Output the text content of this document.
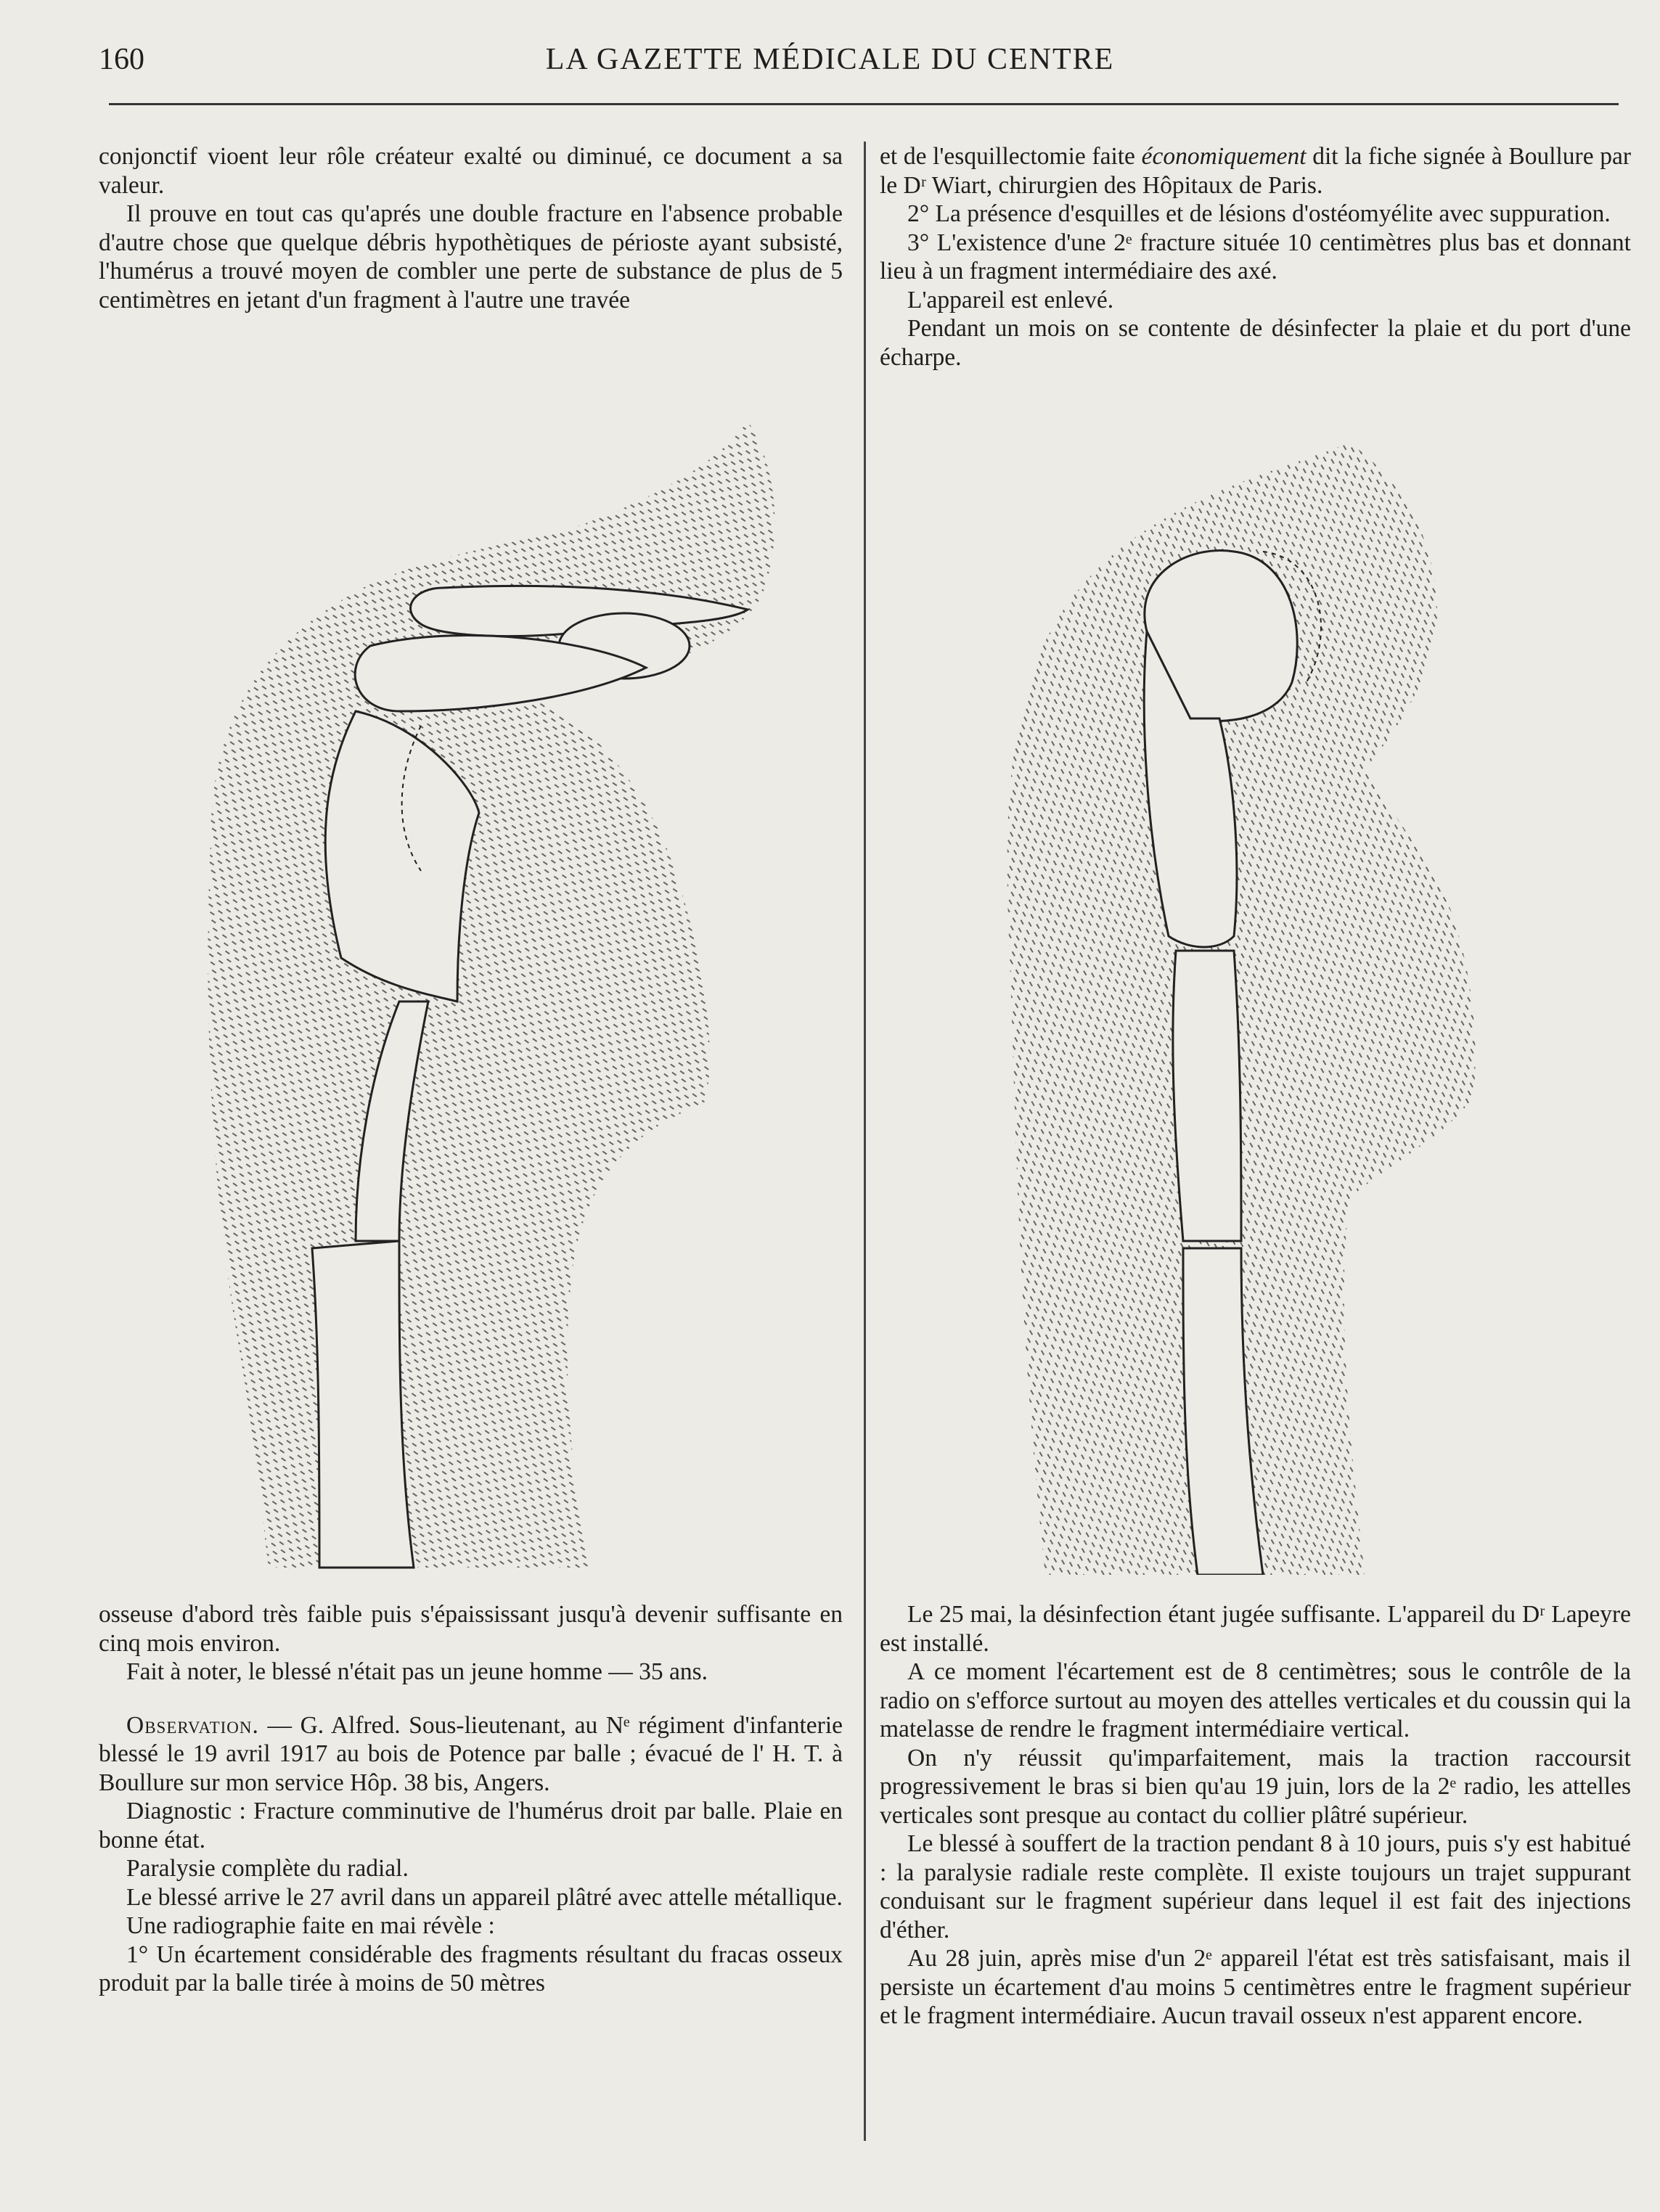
160	LA GAZETTE MÉDICALE DU CENTRE

conjonctif vioent leur rôle créateur exalté ou diminué, ce document a sa valeur.

Il prouve en tout cas qu'aprés une double fracture en l'absence probable d'autre chose que quelque débris hypothètiques de périoste ayant subsisté, l'humérus a trouvé moyen de combler une perte de substance de plus de 5 centimètres en jetant d'un fragment à l'autre une travée

et de l'esquillectomie faite économiquement dit la fiche signée à Boullure par le Dʳ Wiart, chirurgien des Hôpitaux de Paris.

2° La présence d'esquilles et de lésions d'ostéomyélite avec suppuration.

3° L'existence d'une 2ᵉ fracture située 10 centimètres plus bas et donnant lieu à un fragment intermédiaire des axé.

L'appareil est enlevé.

Pendant un mois on se contente de désinfecter la plaie et du port d'une écharpe.

osseuse d'abord très faible puis s'épaississant jusqu'à devenir suffisante en cinq mois environ.

Fait à noter, le blessé n'était pas un jeune homme — 35 ans.

Observation. — G. Alfred. Sous-lieutenant, au Nᵉ régiment d'infanterie blessé le 19 avril 1917 au bois de Potence par balle ; évacué de l' H. T. à Boullure sur mon service Hôp. 38 bis, Angers.

Diagnostic : Fracture comminutive de l'humérus droit par balle. Plaie en bonne état.

Paralysie complète du radial.

Le blessé arrive le 27 avril dans un appareil plâtré avec attelle métallique.

Une radiographie faite en mai révèle :

1° Un écartement considérable des fragments résultant du fracas osseux produit par la balle tirée à moins de 50 mètres

Le 25 mai, la désinfection étant jugée suffisante. L'appareil du Dʳ Lapeyre est installé.

A ce moment l'écartement est de 8 centimètres; sous le contrôle de la radio on s'efforce surtout au moyen des attelles verticales et du coussin qui la matelasse de rendre le fragment intermédiaire vertical.

On n'y réussit qu'imparfaitement, mais la traction raccoursit progressivement le bras si bien qu'au 19 juin, lors de la 2ᵉ radio, les attelles verticales sont presque au contact du collier plâtré supérieur.

Le blessé à souffert de la traction pendant 8 à 10 jours, puis s'y est habitué : la paralysie radiale reste complète. Il existe toujours un trajet suppurant conduisant sur le fragment supérieur dans lequel il est fait des injections d'éther.

Au 28 juin, après mise d'un 2ᵉ appareil l'état est très satisfaisant, mais il persiste un écartement d'au moins 5 centimètres entre le fragment supérieur et le fragment intermédiaire. Aucun travail osseux n'est apparent encore.
